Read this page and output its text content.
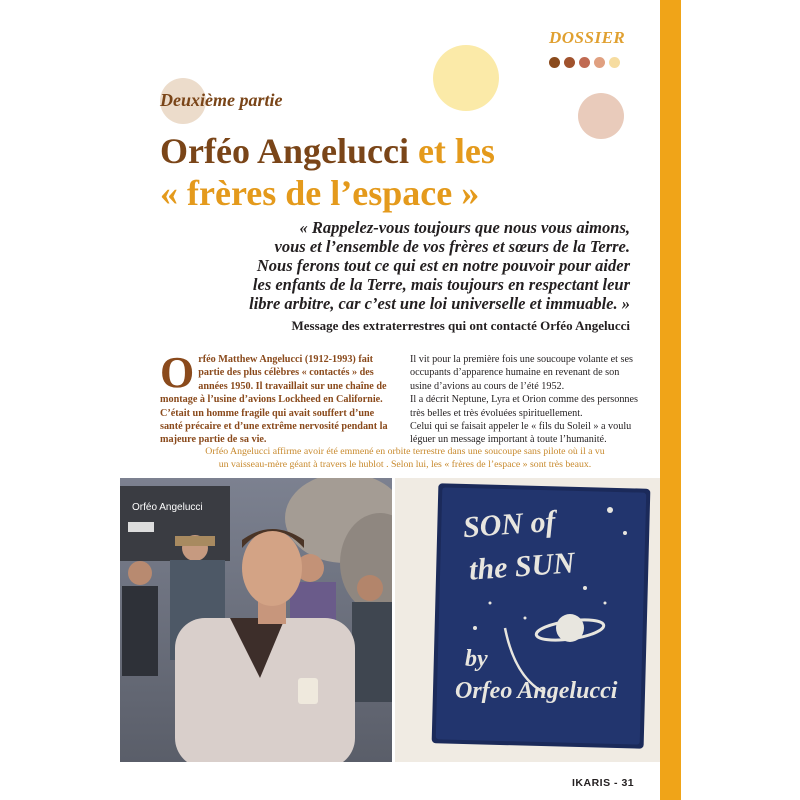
DOSSIER
Deuxième partie
Orféo Angelucci et les
« frères de l’espace »
« Rappelez-vous toujours que nous vous aimons,
vous et l’ensemble de vos frères et sœurs de la Terre.
Nous ferons tout ce qui est en notre pouvoir pour aider
les enfants de la Terre, mais toujours en respectant leur
libre arbitre, car c’est une loi universelle et immuable. »
Message des extraterrestres qui ont contacté Orféo Angelucci
Orféo Matthew Angelucci (1912-1993) fait partie des plus célèbres « contactés » des années 1950. Il travaillait sur une chaîne de montage à l’usine d’avions Lockheed en Californie. C’était un homme fragile qui avait souffert d’une santé précaire et d’une extrême nervosité pendant la majeure partie de sa vie.

Il vit pour la première fois une soucoupe volante et ses occupants d’apparence humaine en revenant de son usine d’avions au cours de l’été 1952.

Il a décrit Neptune, Lyra et Orion comme des personnes très belles et très évoluées spirituellement.

Celui qui se faisait appeler le « fils du Soleil » a voulu léguer un message important à toute l’humanité.

Orféo Angelucci affirme avoir été emmené en orbite terrestre dans une soucoupe sans pilote où il a vu
un vaisseau-mère géant à travers le hublot . Selon lui, les « frères de l’espace » sont très beaux.
Orféo Angelucci	SON of
the SUN
by
Orfeo Angelucci
IKARIS - 31
